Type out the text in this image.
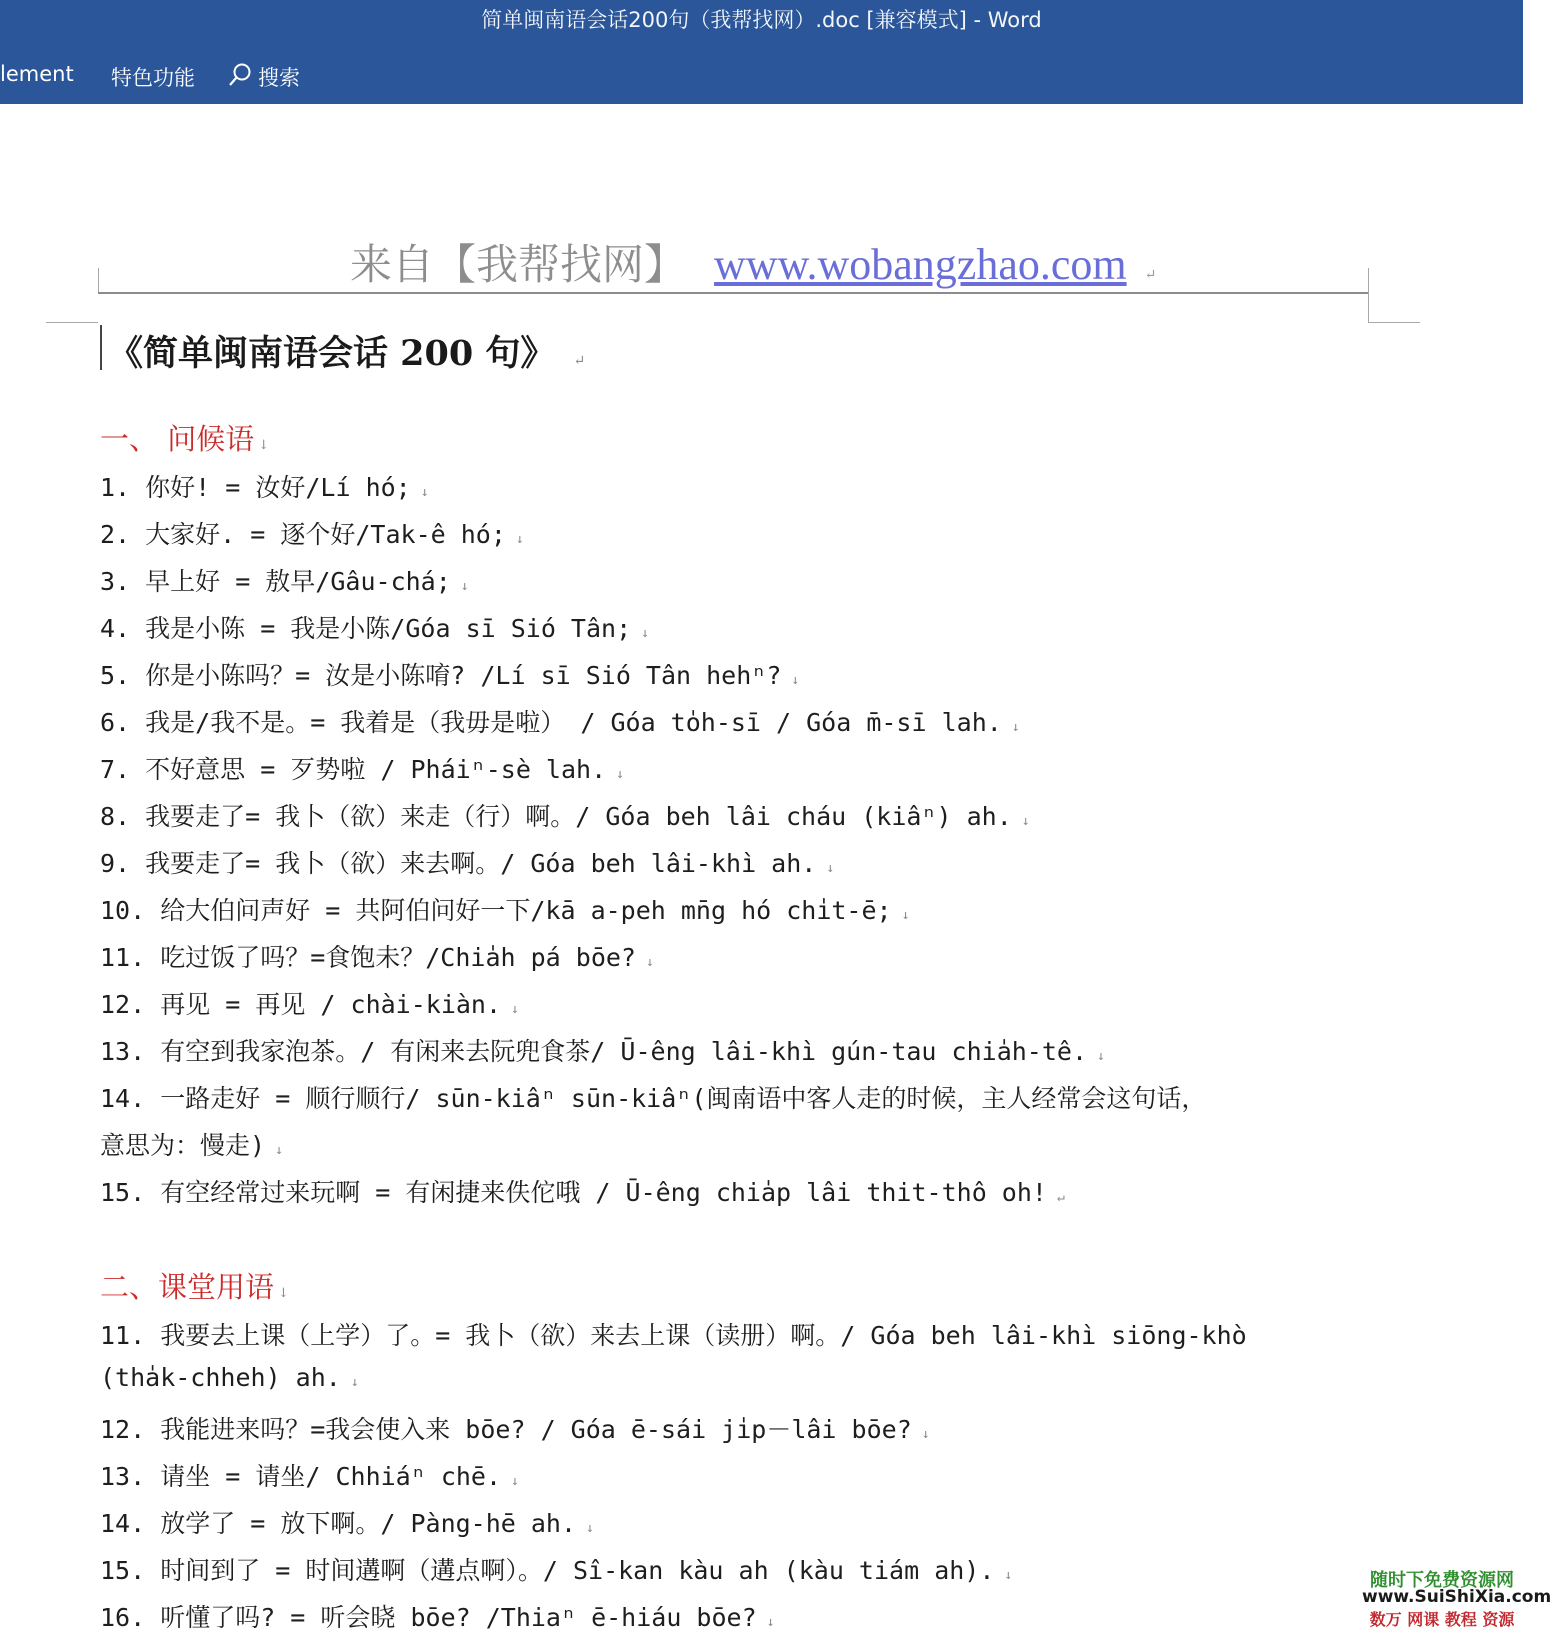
简单闽南语会话200句（我帮找网）.doc [兼容模式] - Word
lement 特色功能	搜索
来自【我帮找网】 www.wobangzhao.com ↵
《简单闽南语会话 200 句》 ↵
一、 问候语 ↓
1. 你好! = 汝好/Lí hó; ↓
2. 大家好. = 逐个好/Tak-ê hó; ↓
3. 早上好 = 敖早/Gâu-chá; ↓
4. 我是小陈 = 我是小陈/Góa sī Sió Tân; ↓
5. 你是小陈吗？= 汝是小陈唷? /Lí sī Sió Tân hehⁿ? ↓
6. 我是/我不是。= 我着是（我毋是啦） / Góa to̍h-sī / Góa m̄-sī lah. ↓
7. 不好意思 = 歹势啦 / Pháiⁿ-sè lah. ↓
8. 我要走了= 我卜（欲）来走（行）啊。/ Góa beh lâi cháu (kiâⁿ) ah. ↓
9. 我要走了= 我卜（欲）来去啊。/ Góa beh lâi-khì ah. ↓
10. 给大伯问声好 = 共阿伯问好一下/kā a-peh mn̄g hó chi̍t-ē; ↓
11. 吃过饭了吗？=食饱未？/Chia̍h pá bōe? ↓
12. 再见 = 再见 / chài-kiàn. ↓
13. 有空到我家泡茶。/ 有闲来去阮兜食茶/ Ū-êng lâi-khì gún-tau chia̍h-tê. ↓
14. 一路走好 = 顺行顺行/ sūn-kiâⁿ sūn-kiâⁿ(闽南语中客人走的时候，主人经常会这句话，
意思为：慢走) ↓
15. 有空经常过来玩啊 = 有闲捷来佚佗哦 / Ū-êng chia̍p lâi thit-thô oh! ↵
二、课堂用语 ↓
11. 我要去上课（上学）了。= 我卜（欲）来去上课（读册）啊。/ Góa beh lâi-khì siōng-khò
(tha̍k-chheh) ah. ↓
12. 我能进来吗？=我会使入来 bōe? / Góa ē-sái ji̍p－lâi bōe? ↓
13. 请坐 = 请坐/ Chhiáⁿ chē. ↓
14. 放学了 = 放下啊。/ Pàng-hē ah. ↓
15. 时间到了 = 时间遘啊（遘点啊）。/ Sî-kan kàu ah (kàu tiám ah). ↓
16. 听懂了吗? = 听会晓 bōe? /Thiaⁿ ē-hiáu bōe? ↓
随时下免费资源网
www.SuiShiXia.com
数万 网课 教程 资源
